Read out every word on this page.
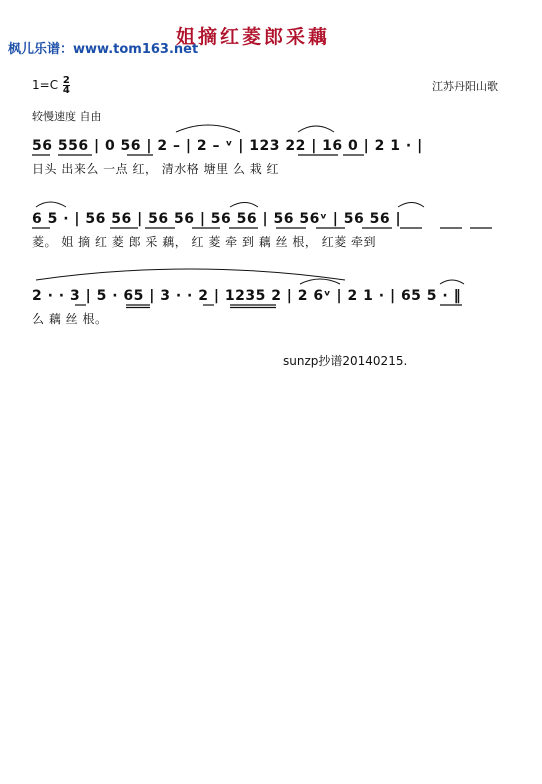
枫儿乐谱：www.tom163.net
姐摘红菱郎采藕
$1=C \frac{2}{4}$	江苏丹阳山歌
较慢速度 自由
56 556 | 0 56 | 2 – | 2 – ᵛ | 123 22 | 16 0 | 2 1 · |
日头 出来么 一点 红， 清水格 塘里 么 栽 红
6 5 · | 56 56 | 56 56 | 56 56 | 56 56ᵛ | 56 56 |
菱。 姐 摘 红 菱 郎 采 藕， 红 菱 牵 到 藕 丝 根， 红菱 牵到
2 · · 3 | 5 · 65 | 3 · · 2 | 1235 2 | 2 6ᵛ | 2 1 · | 65 5 · ‖
么 藕 丝 根。
sunzp抄谱20140215.
